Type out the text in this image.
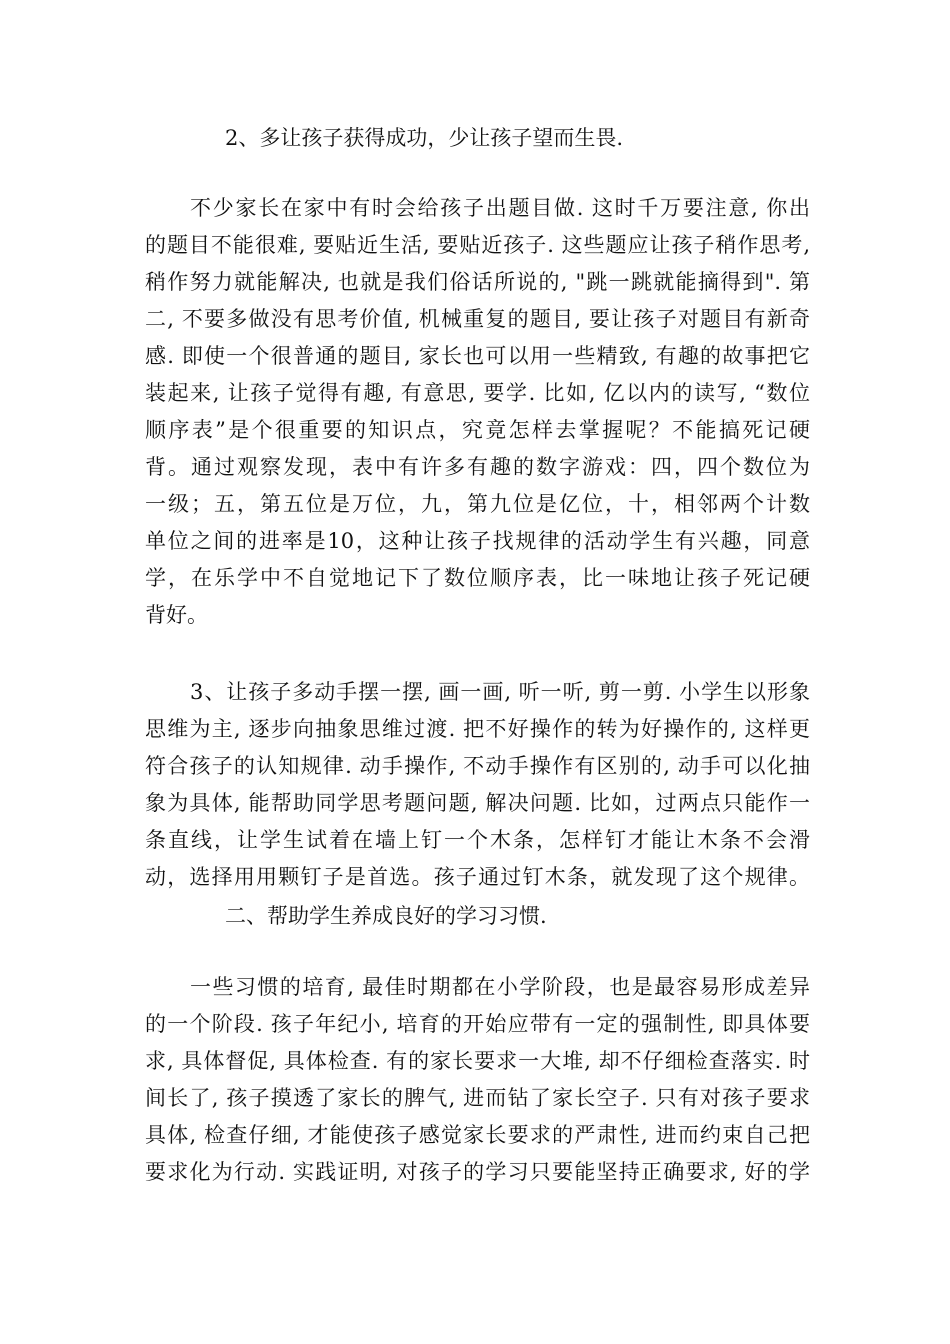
2、多让孩子获得成功，少让孩子望而生畏.
不少家长在家中有时会给孩子出题目做. 这时千万要注意, 你出
的题目不能很难, 要贴近生活, 要贴近孩子. 这些题应让孩子稍作思考,
稍作努力就能解决, 也就是我们俗话所说的, "跳一跳就能摘得到". 第
二, 不要多做没有思考价值, 机械重复的题目, 要让孩子对题目有新奇
感. 即使一个很普通的题目, 家长也可以用一些精致, 有趣的故事把它
装起来, 让孩子觉得有趣, 有意思, 要学. 比如, 亿以内的读写, “数位
顺序表”是个很重要的知识点，究竟怎样去掌握呢？不能搞死记硬
背。通过观察发现，表中有许多有趣的数字游戏：四，四个数位为
一级；五，第五位是万位，九，第九位是亿位，十，相邻两个计数
单位之间的进率是10，这种让孩子找规律的活动学生有兴趣，同意
学，在乐学中不自觉地记下了数位顺序表，比一味地让孩子死记硬
背好。
3、让孩子多动手摆一摆, 画一画, 听一听, 剪一剪. 小学生以形象
思维为主, 逐步向抽象思维过渡. 把不好操作的转为好操作的, 这样更
符合孩子的认知规律. 动手操作, 不动手操作有区别的, 动手可以化抽
象为具体, 能帮助同学思考题问题, 解决问题. 比如，过两点只能作一
条直线，让学生试着在墙上钉一个木条，怎样钉才能让木条不会滑
动，选择用用颗钉子是首选。孩子通过钉木条，就发现了这个规律。
二、帮助学生养成良好的学习习惯.
一些习惯的培育, 最佳时期都在小学阶段，也是最容易形成差异
的一个阶段. 孩子年纪小, 培育的开始应带有一定的强制性, 即具体要
求, 具体督促, 具体检查. 有的家长要求一大堆, 却不仔细检查落实. 时
间长了, 孩子摸透了家长的脾气, 进而钻了家长空子. 只有对孩子要求
具体, 检查仔细, 才能使孩子感觉家长要求的严肃性, 进而约束自己把
要求化为行动. 实践证明, 对孩子的学习只要能坚持正确要求, 好的学
